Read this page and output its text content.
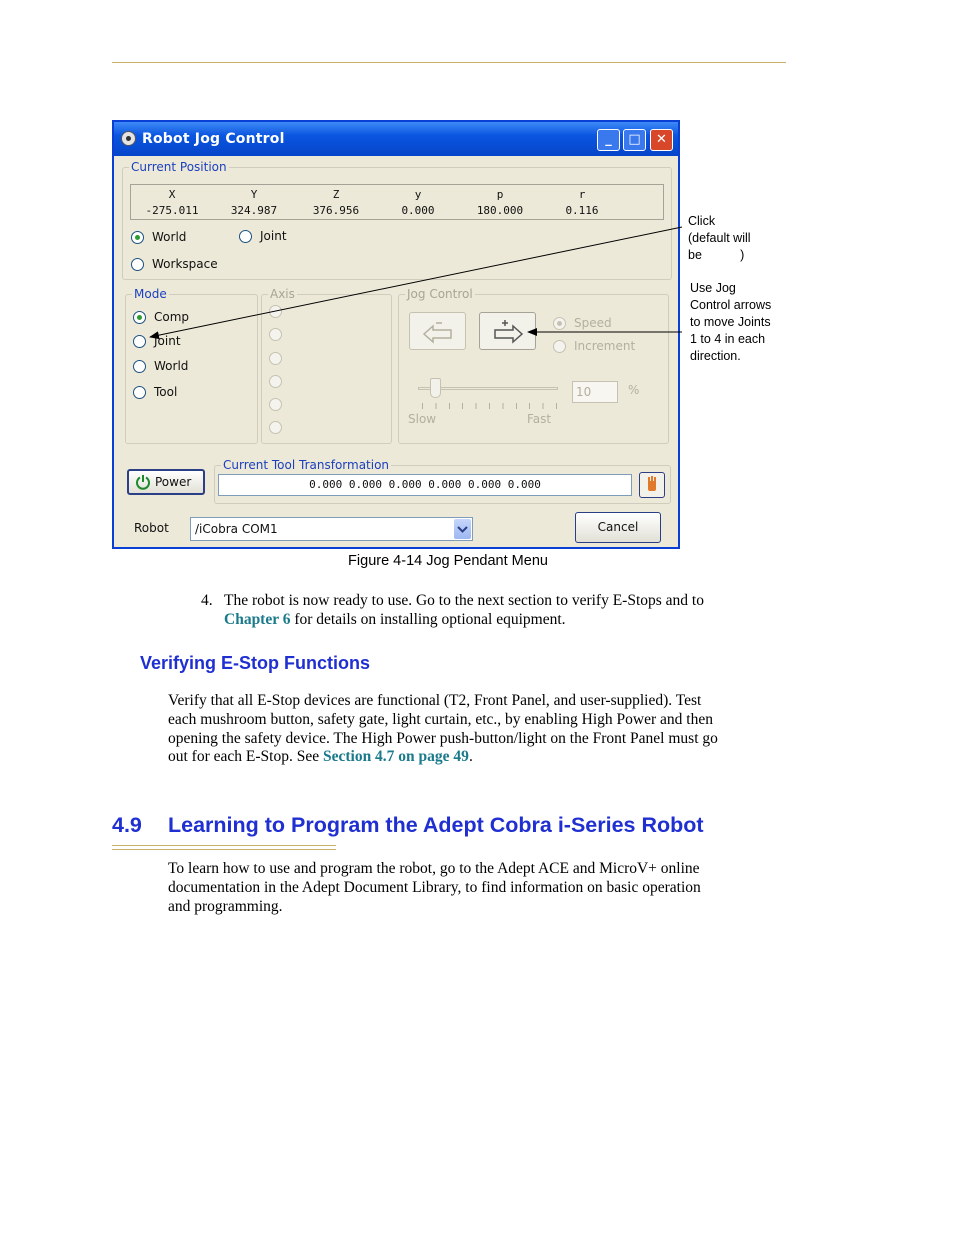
Robot Jog Control	_	□	✕
Current Position
X	Y	Z	y	p	r
-275.011	324.987	376.956	0.000	180.000	0.116
World	Joint
Workspace
Mode
Comp
Joint
World
Tool
Axis	Jog Control
Speed
Increment
Slow	Fast
10	%
Power
Current Tool Transformation
0.000 0.000 0.000 0.000 0.000 0.000
Robot	/iCobra COM1	Cancel
Click
(default will
be           )
Use Jog
Control arrows
to move Joints
1 to 4 in each
direction.
Figure 4-14 Jog Pendant Menu
4. The robot is now ready to use. Go to the next section to verify E-Stops and to
Chapter 6 for details on installing optional equipment.
Verifying E-Stop Functions
Verify that all E-Stop devices are functional (T2, Front Panel, and user-supplied). Test
each mushroom button, safety gate, light curtain, etc., by enabling High Power and then
opening the safety device. The High Power push-button/light on the Front Panel must go
out for each E-Stop. See Section 4.7 on page 49.
4.9 Learning to Program the Adept Cobra i-Series Robot
To learn how to use and program the robot, go to the Adept ACE and MicroV+ online
documentation in the Adept Document Library, to find information on basic operation
and programming.
